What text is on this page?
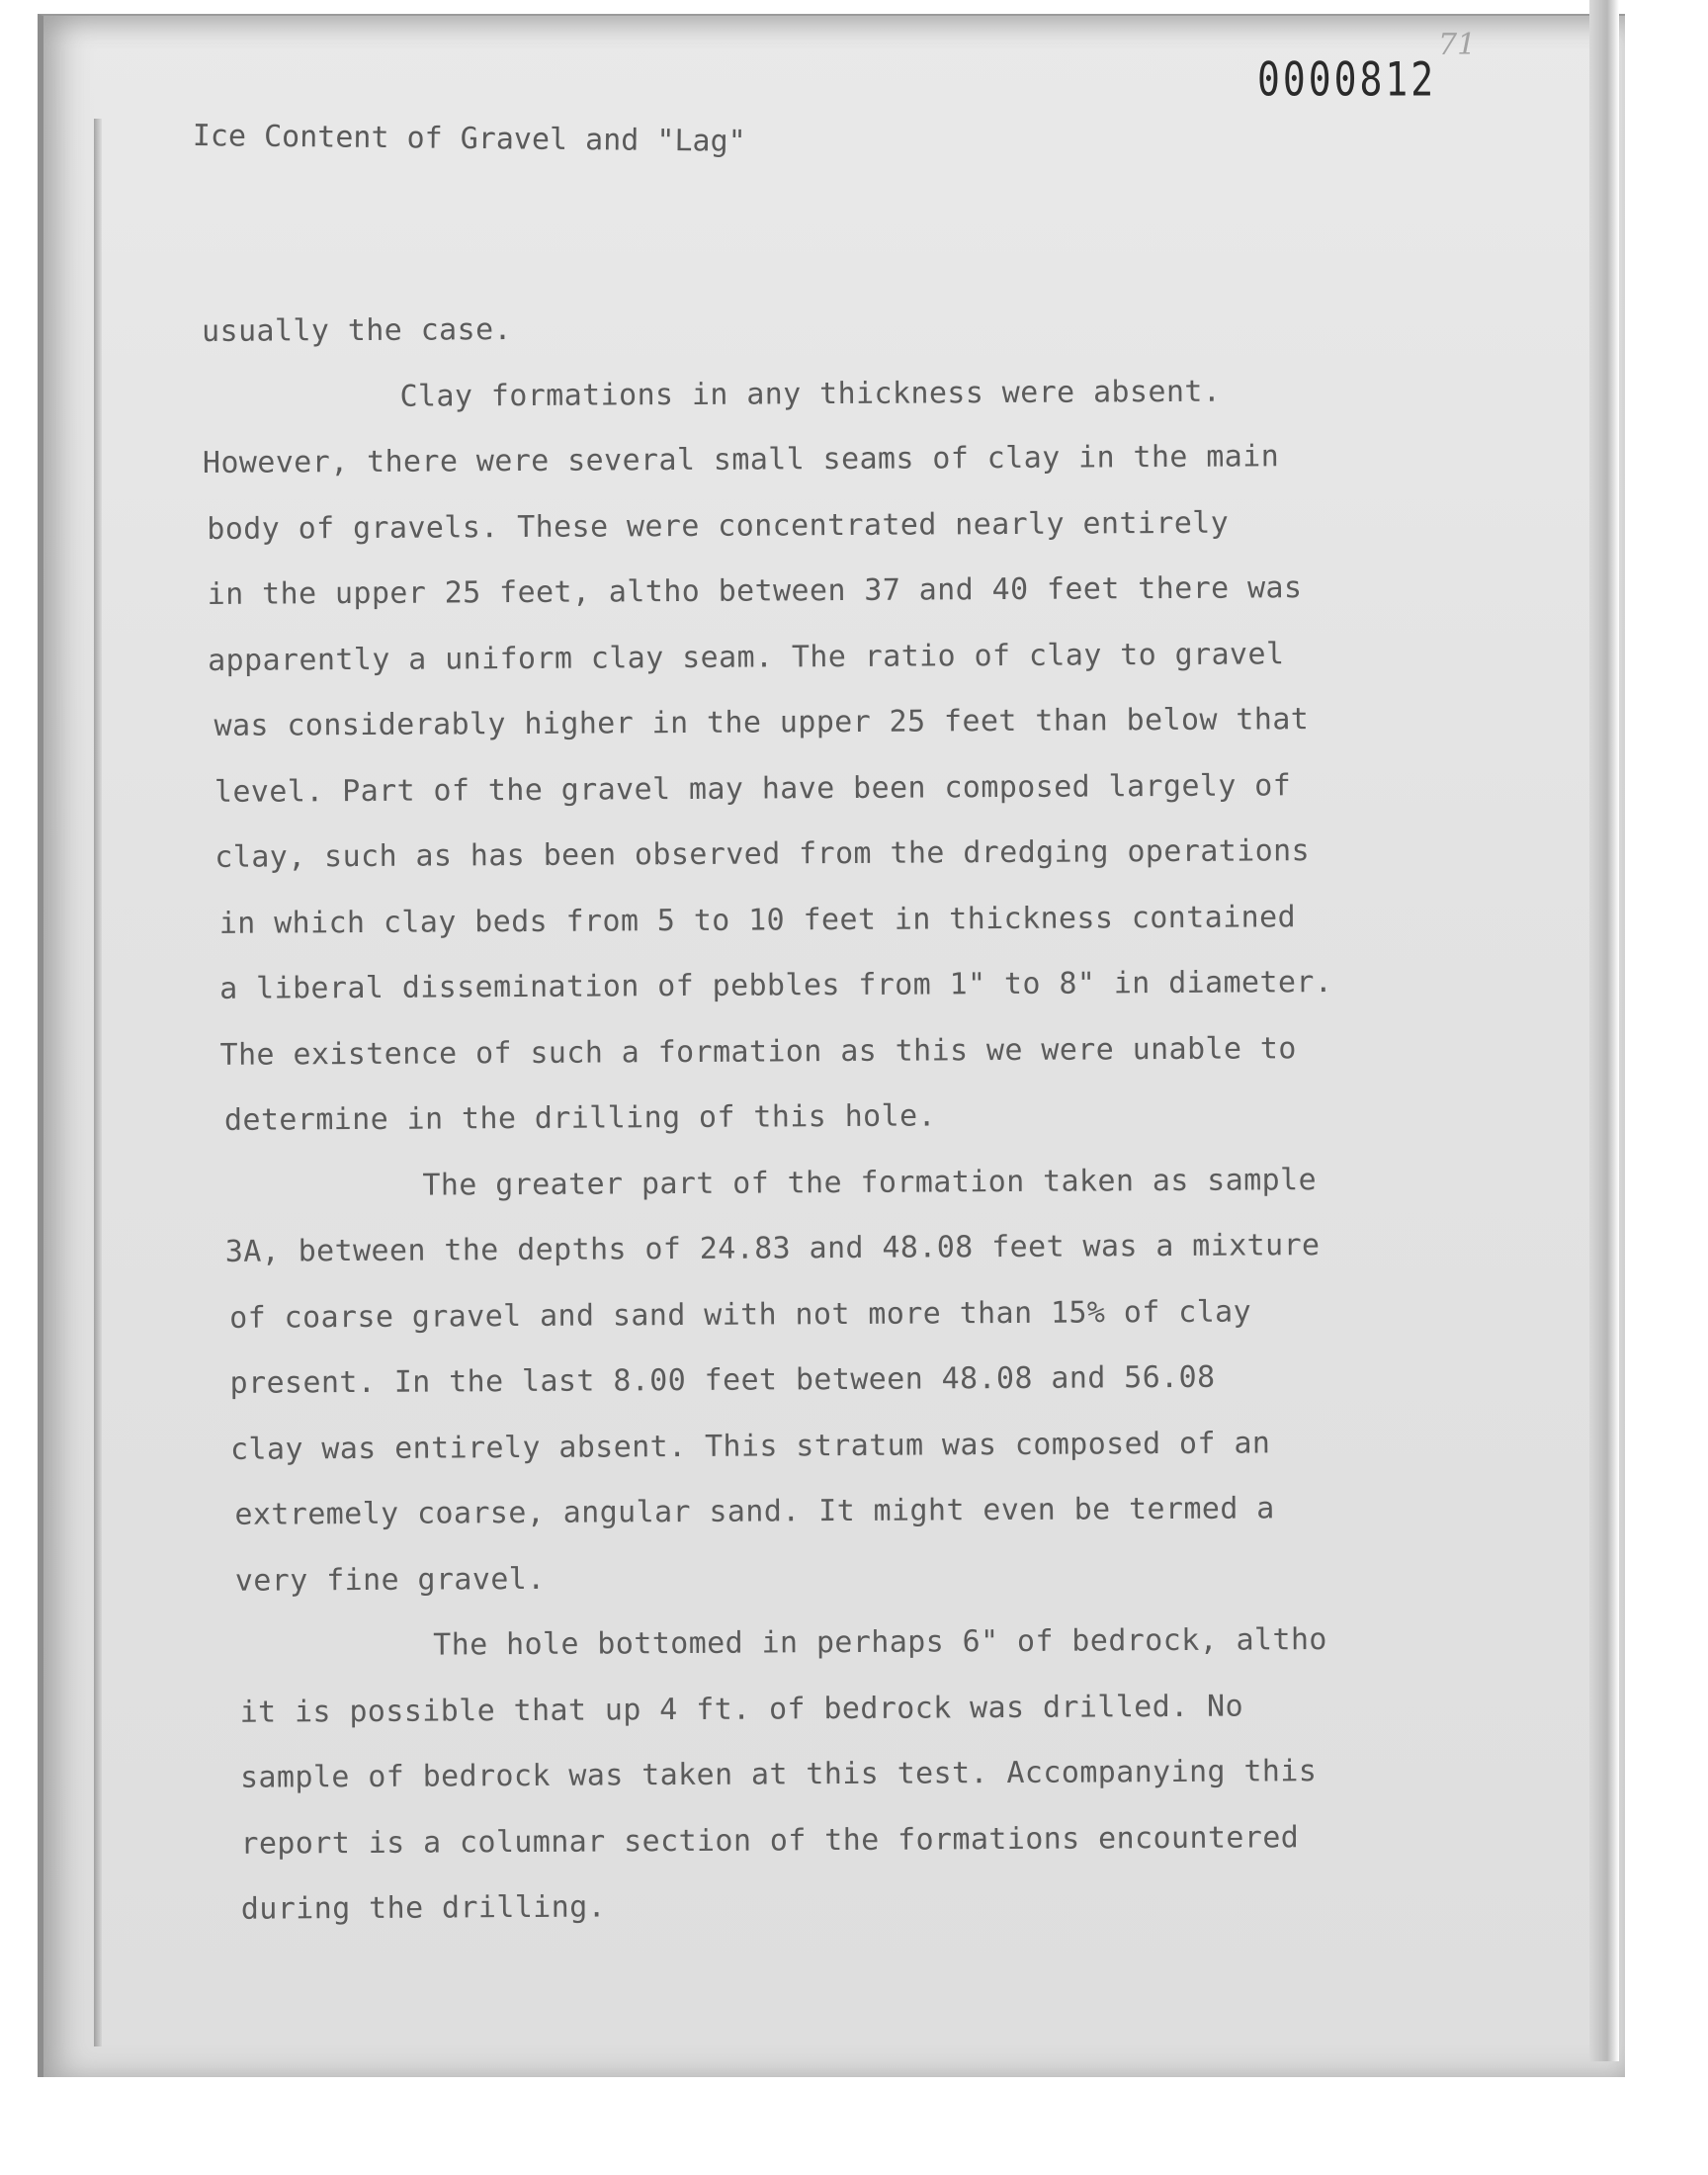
71
0000812
Ice Content of Gravel and "Lag"
usually the case.
Clay formations in any thickness were absent.
However, there were several small seams of clay in the main
body of gravels. These were concentrated nearly entirely
in the upper 25 feet, altho between 37 and 40 feet there was
apparently a uniform clay seam. The ratio of clay to gravel
was considerably higher in the upper 25 feet than below that
level. Part of the gravel may have been composed largely of
clay, such as has been observed from the dredging operations
in which clay beds from 5 to 10 feet in thickness contained
a liberal dissemination of pebbles from 1" to 8" in diameter.
The existence of such a formation as this we were unable to
determine in the drilling of this hole.
The greater part of the formation taken as sample
3A, between the depths of 24.83 and 48.08 feet was a mixture
of coarse gravel and sand with not more than 15% of clay
present. In the last 8.00 feet between 48.08 and 56.08
clay was entirely absent. This stratum was composed of an
extremely coarse, angular sand. It might even be termed a
very fine gravel.
The hole bottomed in perhaps 6" of bedrock, altho
it is possible that up 4 ft. of bedrock was drilled. No
sample of bedrock was taken at this test. Accompanying this
report is a columnar section of the formations encountered
during the drilling.
